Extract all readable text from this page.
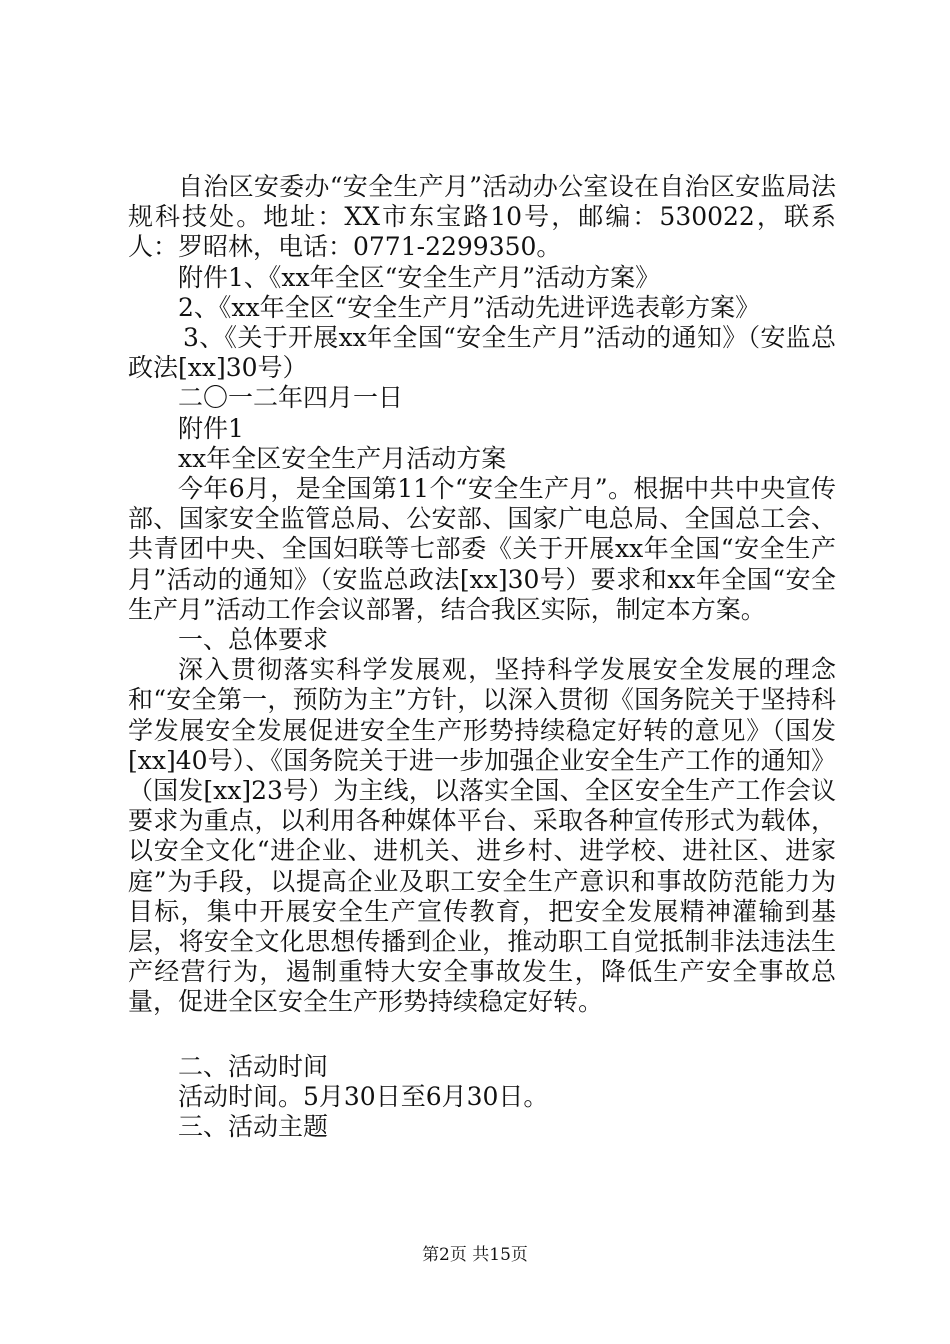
自治区安委办“安全生产月”活动办公室设在自治区安监局法规科技处。地址：XX市东宝路10号，邮编：530022，联系人：罗昭林，电话：0771-2299350。

附件1、《xx年全区“安全生产月”活动方案》

2、《xx年全区“安全生产月”活动先进评选表彰方案》

3、《关于开展xx年全国“安全生产月”活动的通知》（安监总政法[xx]30号）

二〇一二年四月一日

附件1

xx年全区安全生产月活动方案

今年6月，是全国第11个“安全生产月”。根据中共中央宣传部、国家安全监管总局、公安部、国家广电总局、全国总工会、共青团中央、全国妇联等七部委《关于开展xx年全国“安全生产月”活动的通知》（安监总政法[xx]30号）要求和xx年全国“安全生产月”活动工作会议部署，结合我区实际，制定本方案。

一、总体要求

深入贯彻落实科学发展观，坚持科学发展安全发展的理念和“安全第一，预防为主”方针，以深入贯彻《国务院关于坚持科学发展安全发展促进安全生产形势持续稳定好转的意见》（国发[xx]40号）、《国务院关于进一步加强企业安全生产工作的通知》（国发[xx]23号）为主线，以落实全国、全区安全生产工作会议要求为重点，以利用各种媒体平台、采取各种宣传形式为载体，以安全文化“进企业、进机关、进乡村、进学校、进社区、进家庭”为手段，以提高企业及职工安全生产意识和事故防范能力为目标，集中开展安全生产宣传教育，把安全发展精神灌输到基层，将安全文化思想传播到企业，推动职工自觉抵制非法违法生产经营行为，遏制重特大安全事故发生，降低生产安全事故总量，促进全区安全生产形势持续稳定好转。

二、活动时间

活动时间。5月30日至6月30日。

三、活动主题

第2页 共15页
